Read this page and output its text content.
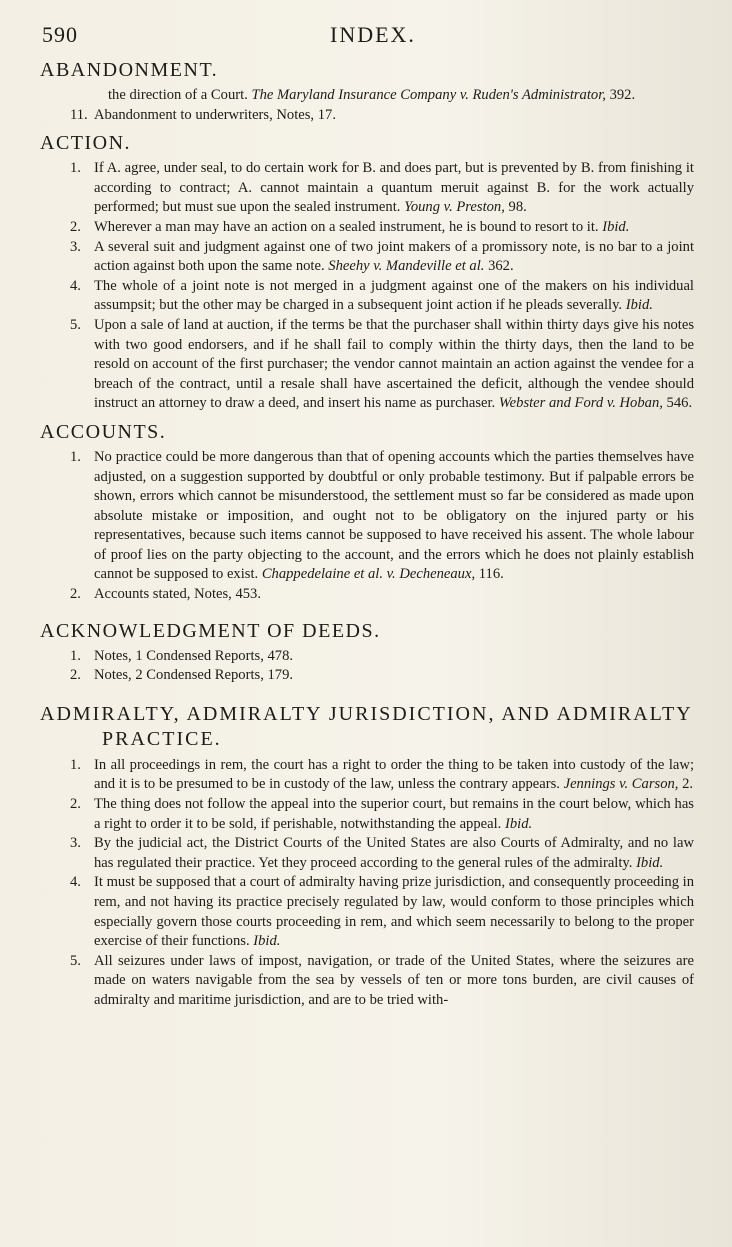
590	INDEX.
ABANDONMENT.
the direction of a Court. The Maryland Insurance Company v. Ruden's Administrator, 392.
11. Abandonment to underwriters, Notes, 17.
ACTION.
1. If A. agree, under seal, to do certain work for B. and does part, but is prevented by B. from finishing it according to contract; A. cannot maintain a quantum meruit against B. for the work actually performed; but must sue upon the sealed instrument. Young v. Preston, 98.
2. Wherever a man may have an action on a sealed instrument, he is bound to resort to it. Ibid.
3. A several suit and judgment against one of two joint makers of a promissory note, is no bar to a joint action against both upon the same note. Sheehy v. Mandeville et al. 362.
4. The whole of a joint note is not merged in a judgment against one of the makers on his individual assumpsit; but the other may be charged in a subsequent joint action if he pleads severally. Ibid.
5. Upon a sale of land at auction, if the terms be that the purchaser shall within thirty days give his notes with two good endorsers, and if he shall fail to comply within the thirty days, then the land to be resold on account of the first purchaser; the vendor cannot maintain an action against the vendee for a breach of the contract, until a resale shall have ascertained the deficit, although the vendee should instruct an attorney to draw a deed, and insert his name as purchaser. Webster and Ford v. Hoban, 546.
ACCOUNTS.
1. No practice could be more dangerous than that of opening accounts which the parties themselves have adjusted, on a suggestion supported by doubtful or only probable testimony. But if palpable errors be shown, errors which cannot be misunderstood, the settlement must so far be considered as made upon absolute mistake or imposition, and ought not to be obligatory on the injured party or his representatives, because such items cannot be supposed to have received his assent. The whole labour of proof lies on the party objecting to the account, and the errors which he does not plainly establish cannot be supposed to exist. Chappedelaine et al. v. Decheneaux, 116.
2. Accounts stated, Notes, 453.
ACKNOWLEDGMENT OF DEEDS.
1. Notes, 1 Condensed Reports, 478.
2. Notes, 2 Condensed Reports, 179.
ADMIRALTY, ADMIRALTY JURISDICTION, AND ADMIRALTY
PRACTICE.
1. In all proceedings in rem, the court has a right to order the thing to be taken into custody of the law; and it is to be presumed to be in custody of the law, unless the contrary appears. Jennings v. Carson, 2.
2. The thing does not follow the appeal into the superior court, but remains in the court below, which has a right to order it to be sold, if perishable, notwithstanding the appeal. Ibid.
3. By the judicial act, the District Courts of the United States are also Courts of Admiralty, and no law has regulated their practice. Yet they proceed according to the general rules of the admiralty. Ibid.
4. It must be supposed that a court of admiralty having prize jurisdiction, and consequently proceeding in rem, and not having its practice precisely regulated by law, would conform to those principles which especially govern those courts proceeding in rem, and which seem necessarily to belong to the proper exercise of their functions. Ibid.
5. All seizures under laws of impost, navigation, or trade of the United States, where the seizures are made on waters navigable from the sea by vessels of ten or more tons burden, are civil causes of admiralty and maritime jurisdiction, and are to be tried with-
